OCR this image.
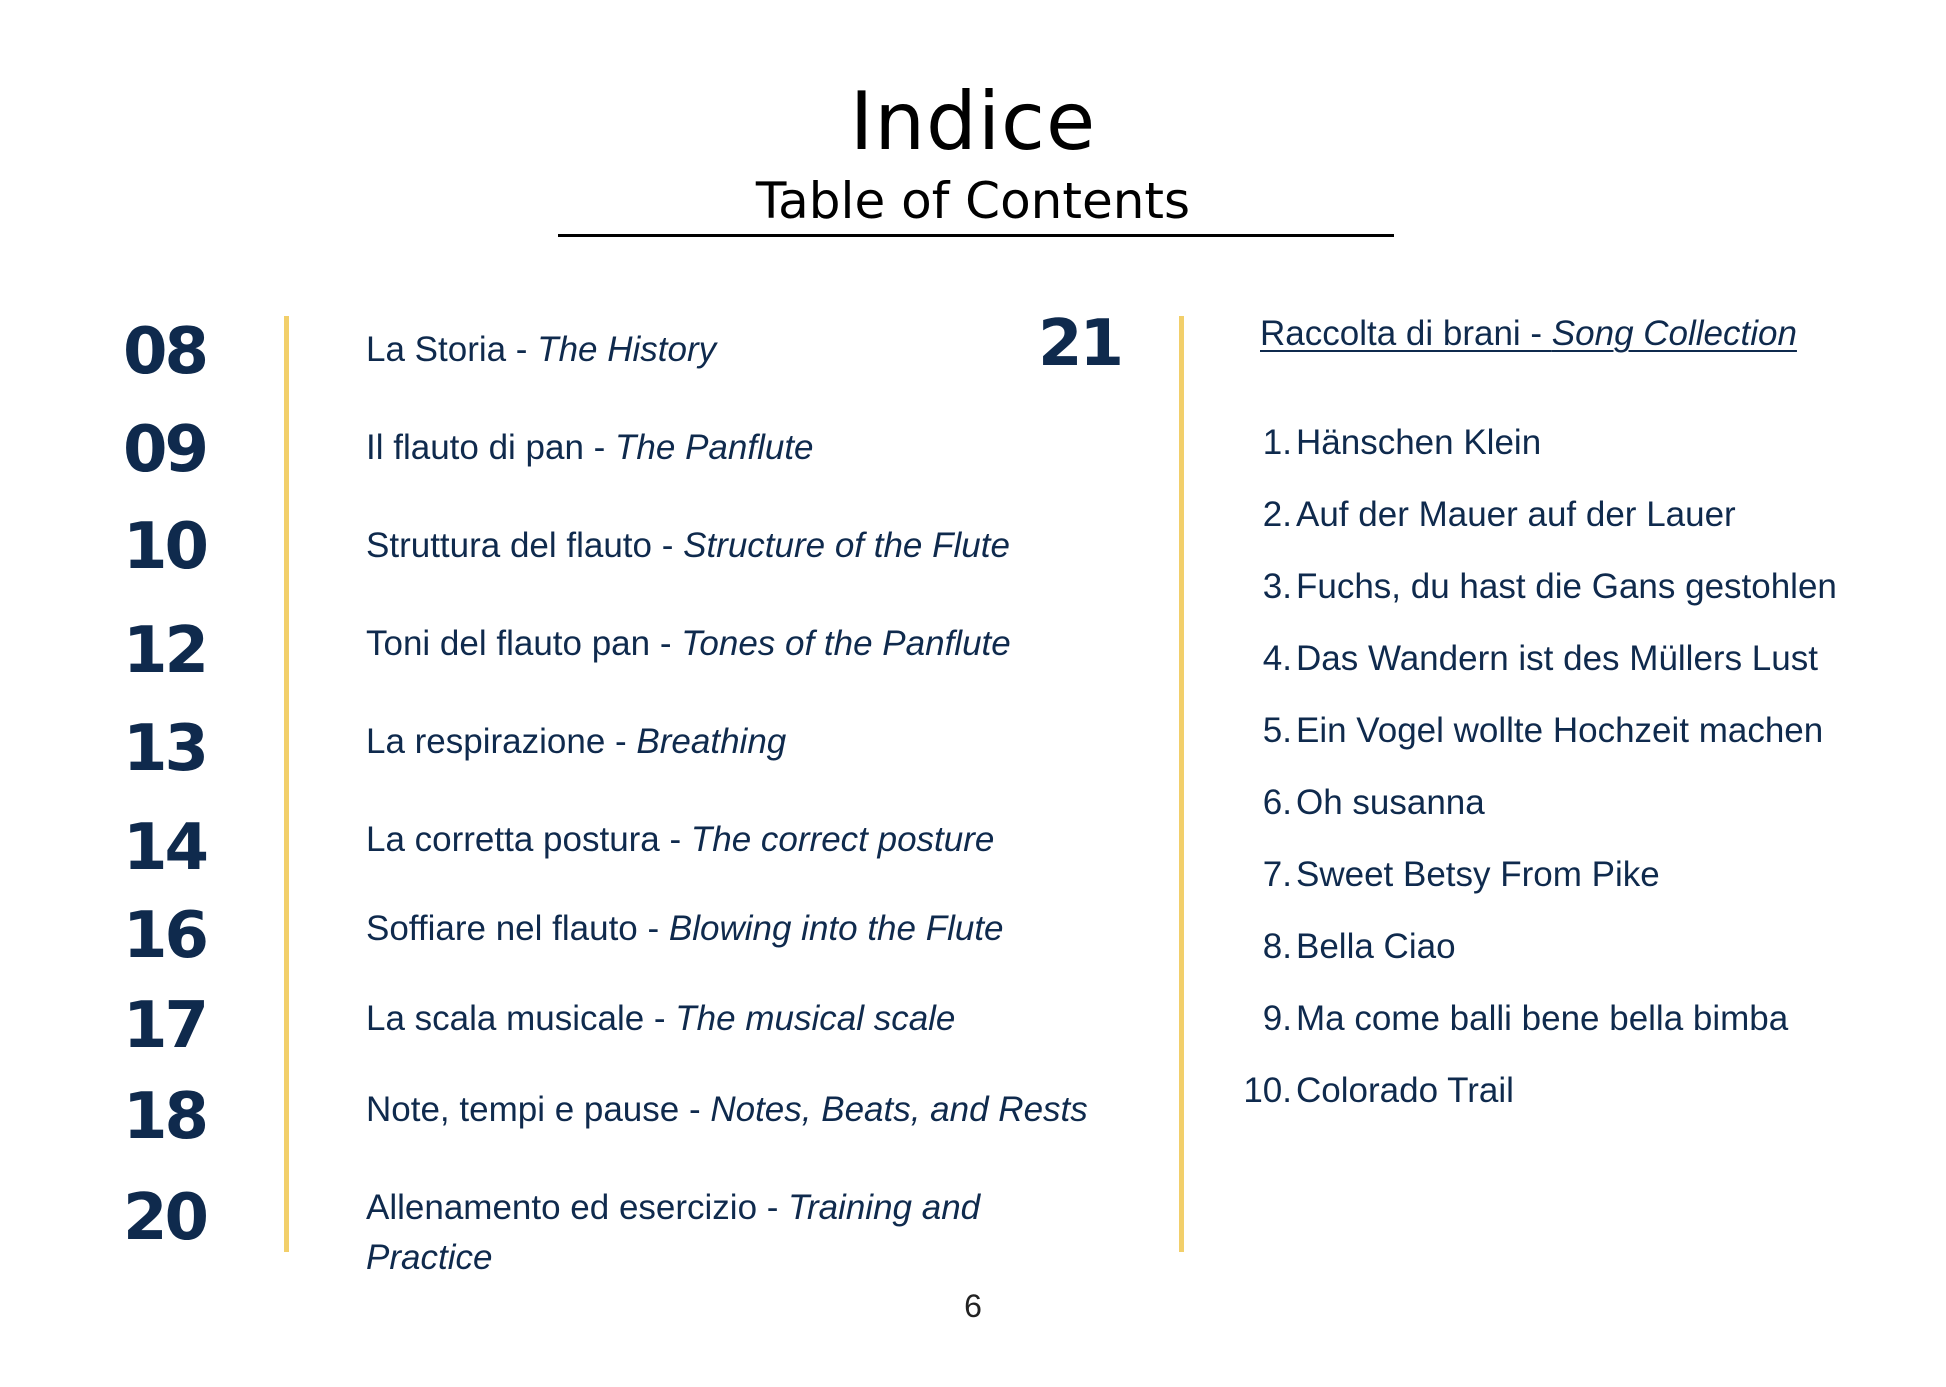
Indice
Table of Contents
08	La Storia - The History
09	Il flauto di pan - The Panflute
10	Struttura del flauto - Structure of the Flute
12	Toni del flauto pan - Tones of the Panflute
13	La respirazione - Breathing
14	La corretta postura - The correct posture
16	Soffiare nel flauto - Blowing into the Flute
17	La scala musicale - The musical scale
18	Note, tempi e pause - Notes, Beats, and Rests
20	Allenamento ed esercizio - Training and Practice
21	Raccolta di brani - Song Collection
1. Hänschen Klein
2. Auf der Mauer auf der Lauer
3. Fuchs, du hast die Gans gestohlen
4. Das Wandern ist des Müllers Lust
5. Ein Vogel wollte Hochzeit machen
6. Oh susanna
7. Sweet Betsy From Pike
8. Bella Ciao
9. Ma come balli bene bella bimba
10. Colorado Trail
6
